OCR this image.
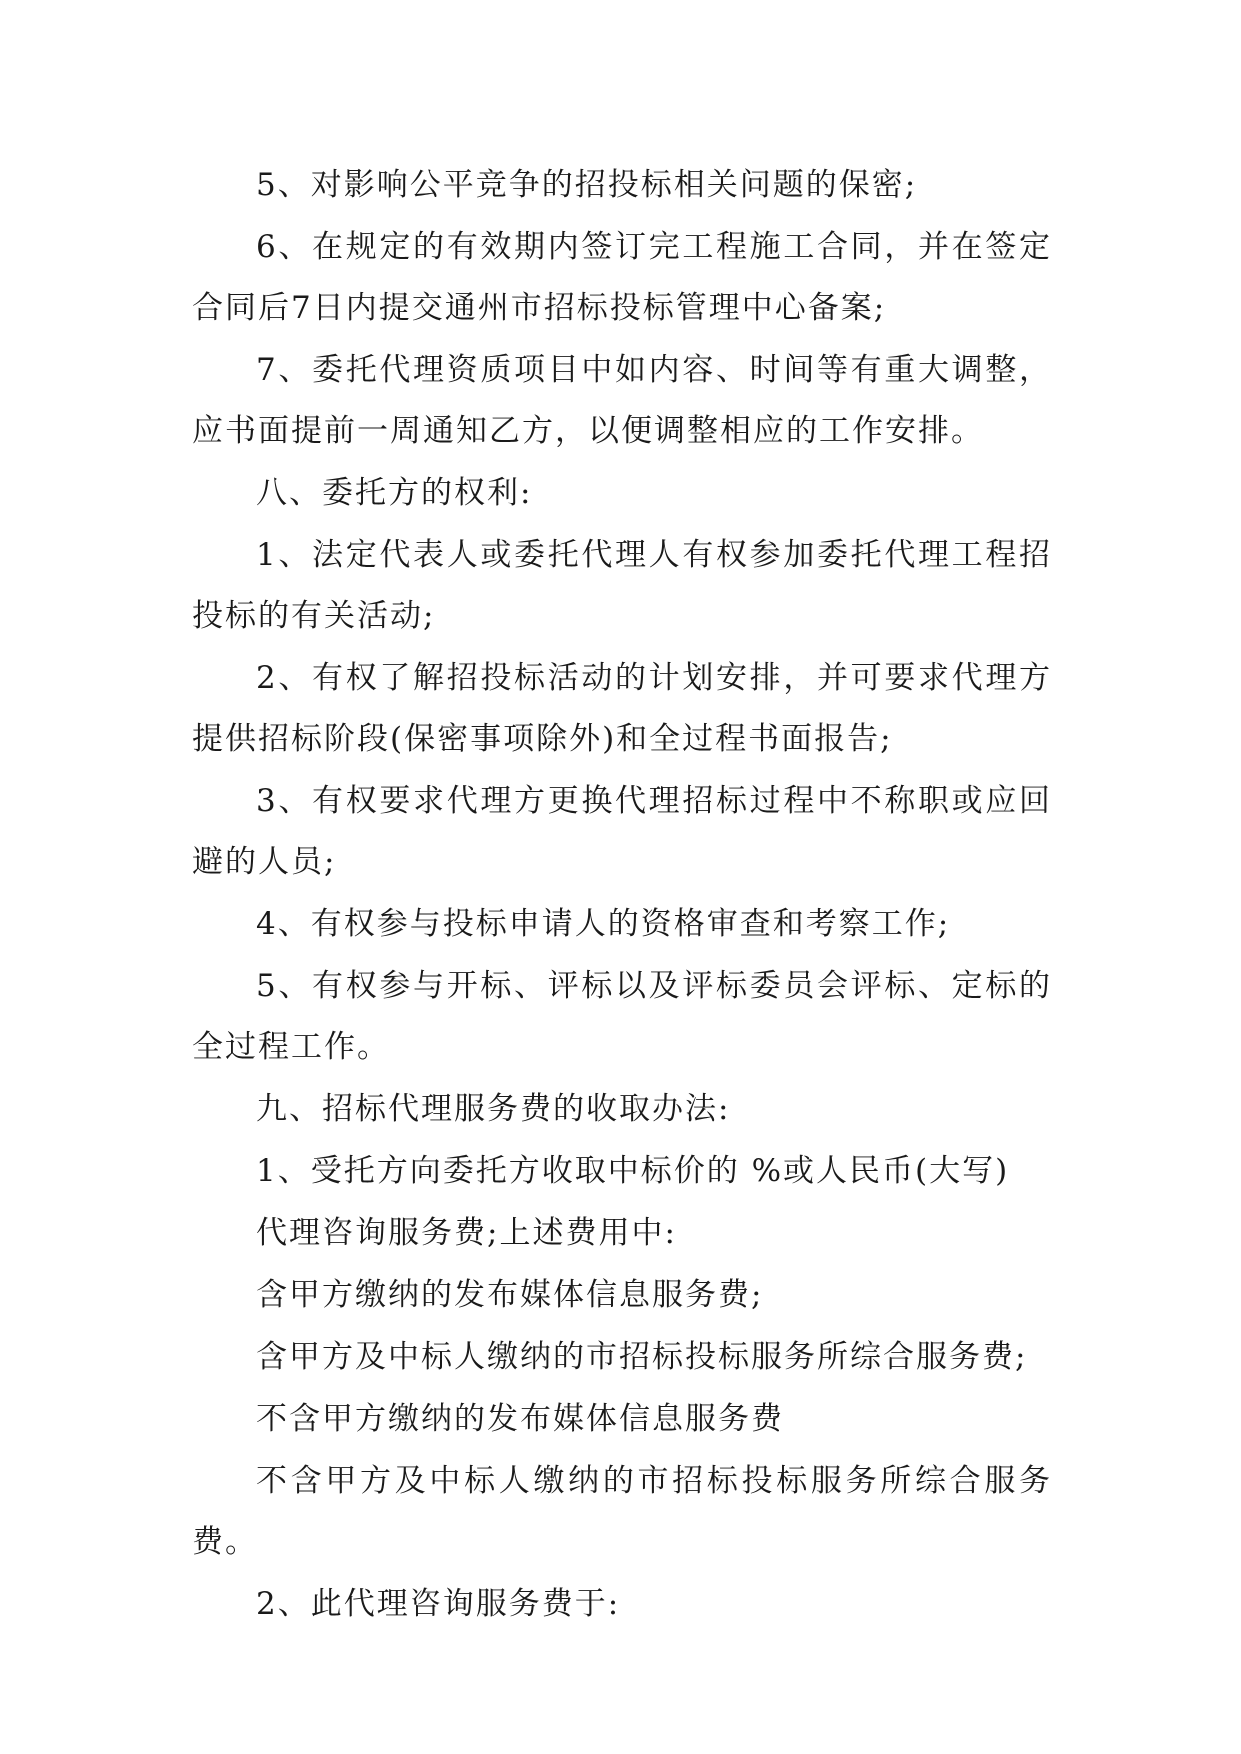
5、对影响公平竞争的招投标相关问题的保密;

6、在规定的有效期内签订完工程施工合同，并在签定合同后7日内提交通州市招标投标管理中心备案;

7、委托代理资质项目中如内容、时间等有重大调整，应书面提前一周通知乙方，以便调整相应的工作安排。

八、委托方的权利:

1、法定代表人或委托代理人有权参加委托代理工程招投标的有关活动;

2、有权了解招投标活动的计划安排，并可要求代理方提供招标阶段(保密事项除外)和全过程书面报告;

3、有权要求代理方更换代理招标过程中不称职或应回避的人员;

4、有权参与投标申请人的资格审查和考察工作;

5、有权参与开标、评标以及评标委员会评标、定标的全过程工作。

九、招标代理服务费的收取办法:

1、受托方向委托方收取中标价的 %或人民币(大写)

代理咨询服务费;上述费用中:

含甲方缴纳的发布媒体信息服务费;

含甲方及中标人缴纳的市招标投标服务所综合服务费;

不含甲方缴纳的发布媒体信息服务费

不含甲方及中标人缴纳的市招标投标服务所综合服务费。

2、此代理咨询服务费于:
